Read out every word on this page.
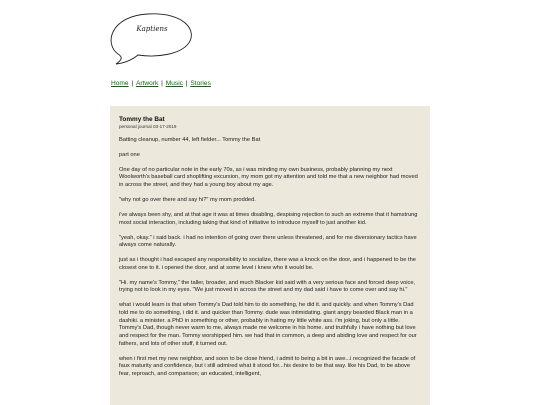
Kaptiens
Home | Artwork | Music | Stories
Tommy the Bat
personal journal 03-17-2019

Batting cleanup, number 44, left fielder... Tommy the Bat

part one

One day of no particular note in the early 70s, as i was minding my own business, probably planning my next Woolworth's baseball card shoplifting excursion, my mom got my attention and told me that a new neighbor had moved in across the street, and they had a young boy about my age.

"why not go over there and say hi?" my mom prodded.

i've always been shy, and at that age it was at times disabling, despising rejection to such an extreme that it hamstrung most social interaction, including taking that kind of initiative to introduce myself to just another kid.

"yeah, okay." i said back. i had no intention of going over there unless threatened, and for me diversionary tactics have always come naturally.

just as i thought i had escaped any responsibility to socialize, there was a knock on the door, and i happened to be the closest one to it. i opened the door, and at some level i knew who it would be.

"Hi. my name's Tommy," the taller, broader, and much Blacker kid said with a very serious face and forced deep voice, trying not to look in my eyes. "We just moved in across the street and my dad said i have to come over and say hi."

what i would learn is that when Tommy's Dad told him to do something, he did it. and quickly. and when Tommy's Dad told me to do something, i did it. and quicker than Tommy. dude was intimidating. giant angry bearded Black man in a dashiki. a minister. a PhD in something or other, probably in hating my little white ass. i'm joking, but only a little. Tommy's Dad, though never warm to me, always made me welcome in his home. and truthfully i have nothing but love and respect for the man. Tommy worshipped him. we had that in common, a deep and abiding love and respect for our fathers, and lots of other stuff, it turned out.

when i first met my new neighbor, and soon to be close friend, i admit to being a bit in awe...i recognized the facade of faux maturity and confidence, but i still admired what it stood for...his desire to be that way. like his Dad, to be above fear, reproach, and comparison; an educated, intelligent,
